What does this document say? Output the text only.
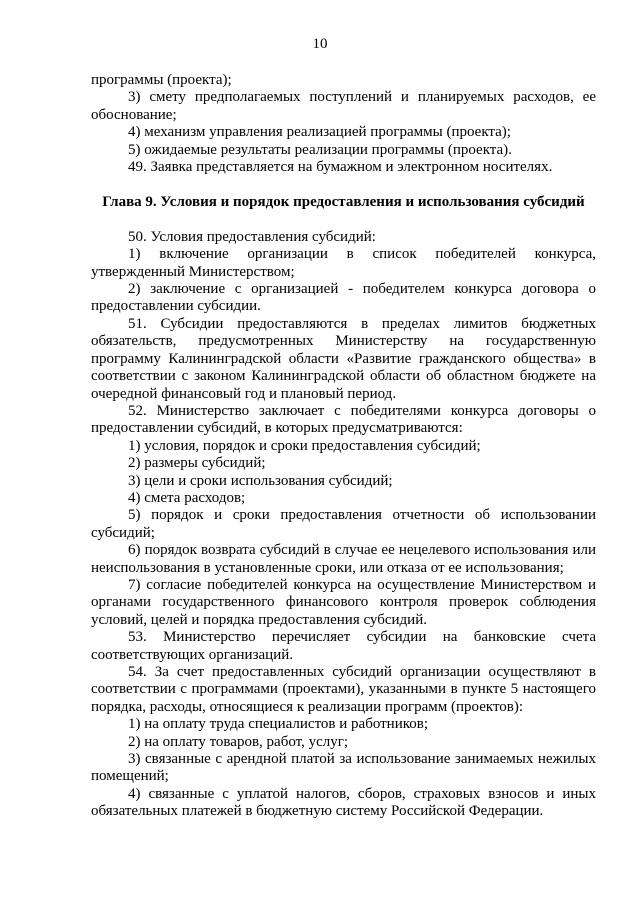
10

программы (проекта);

3) смету предполагаемых поступлений и планируемых расходов, ее обоснование;

4) механизм управления реализацией программы (проекта);

5) ожидаемые результаты реализации программы (проекта).

49. Заявка представляется на бумажном и электронном носителях.

Глава 9. Условия и порядок предоставления и использования субсидий

50. Условия предоставления субсидий:

1) включение организации в список победителей конкурса, утвержденный Министерством;

2) заключение с организацией - победителем конкурса договора о предоставлении субсидии.

51. Субсидии предоставляются в пределах лимитов бюджетных обязательств, предусмотренных Министерству на государственную программу Калининградской области «Развитие гражданского общества» в соответствии с законом Калининградской области об областном бюджете на очередной финансовый год и плановый период.

52. Министерство заключает с победителями конкурса договоры о предоставлении субсидий, в которых предусматриваются:

1) условия, порядок и сроки предоставления субсидий;

2) размеры субсидий;

3) цели и сроки использования субсидий;

4) смета расходов;

5) порядок и сроки предоставления отчетности об использовании субсидий;

6) порядок возврата субсидий в случае ее нецелевого использования или неиспользования в установленные сроки, или отказа от ее использования;

7) согласие победителей конкурса на осуществление Министерством и органами государственного финансового контроля проверок соблюдения условий, целей и порядка предоставления субсидий.

53. Министерство перечисляет субсидии на банковские счета соответствующих организаций.

54. За счет предоставленных субсидий организации осуществляют в соответствии с программами (проектами), указанными в пункте 5 настоящего порядка, расходы, относящиеся к реализации программ (проектов):

1) на оплату труда специалистов и работников;

2) на оплату товаров, работ, услуг;

3) связанные с арендной платой за использование занимаемых нежилых помещений;

4) связанные с уплатой налогов, сборов, страховых взносов и иных обязательных платежей в бюджетную систему Российской Федерации.
